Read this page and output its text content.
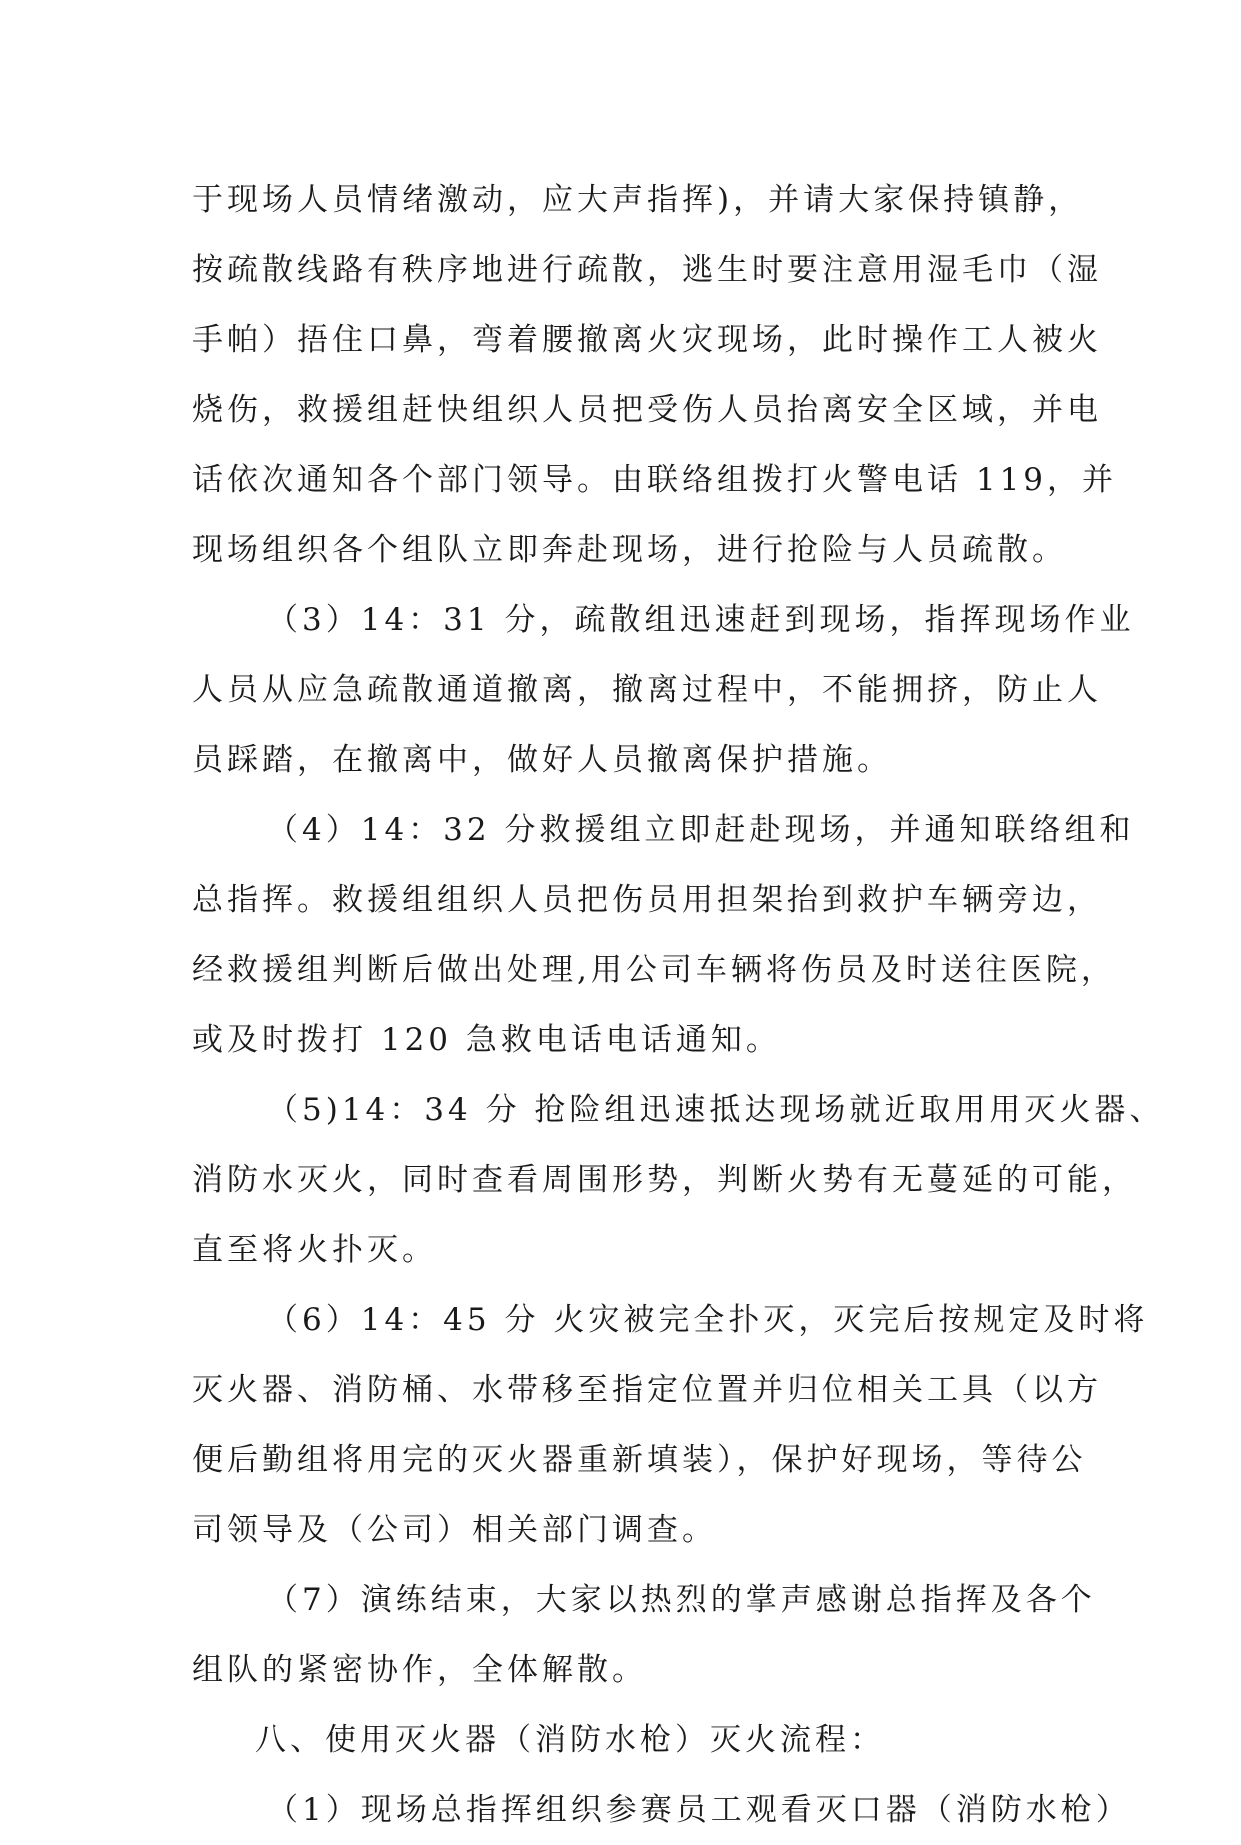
于现场人员情绪激动，应大声指挥)，并请大家保持镇静，
按疏散线路有秩序地进行疏散，逃生时要注意用湿毛巾（湿
手帕）捂住口鼻，弯着腰撤离火灾现场，此时操作工人被火
烧伤，救援组赶快组织人员把受伤人员抬离安全区域，并电
话依次通知各个部门领导。由联络组拨打火警电话 119，并
现场组织各个组队立即奔赴现场，进行抢险与人员疏散。
（3）14：31 分，疏散组迅速赶到现场，指挥现场作业
人员从应急疏散通道撤离，撤离过程中，不能拥挤，防止人
员踩踏，在撤离中，做好人员撤离保护措施。
（4）14：32 分救援组立即赶赴现场，并通知联络组和
总指挥。救援组组织人员把伤员用担架抬到救护车辆旁边，
经救援组判断后做出处理,用公司车辆将伤员及时送往医院，
或及时拨打 120 急救电话电话通知。
（5)14：34 分 抢险组迅速抵达现场就近取用用灭火器、
消防水灭火，同时查看周围形势，判断火势有无蔓延的可能，
直至将火扑灭。
（6）14：45 分 火灾被完全扑灭，灭完后按规定及时将
灭火器、消防桶、水带移至指定位置并归位相关工具（以方
便后勤组将用完的灭火器重新填装），保护好现场，等待公
司领导及（公司）相关部门调查。
（7）演练结束，大家以热烈的掌声感谢总指挥及各个
组队的紧密协作，全体解散。
八、使用灭火器（消防水枪）灭火流程：
（1）现场总指挥组织参赛员工观看灭口器（消防水枪）
